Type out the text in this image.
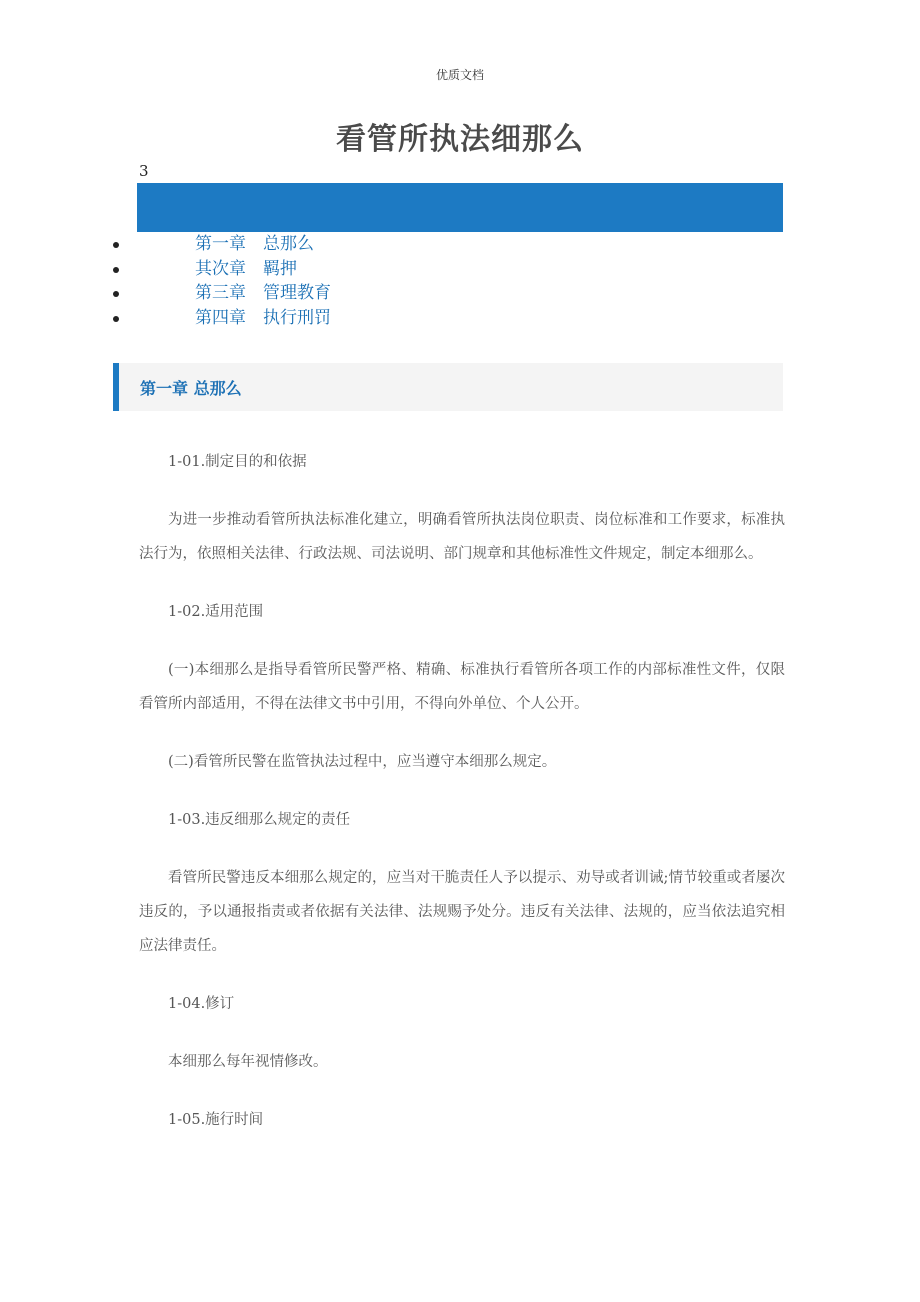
优质文档
看管所执法细那么
3
第一章　总那么
其次章　羁押
第三章　管理教育
第四章　执行刑罚
第一章 总那么

1-01.制定目的和依据

为进一步推动看管所执法标准化建立，明确看管所执法岗位职责、岗位标准和工作要求，标准执法行为，依照相关法律、行政法规、司法说明、部门规章和其他标准性文件规定，制定本细那么。

1-02.适用范围

(一)本细那么是指导看管所民警严格、精确、标准执行看管所各项工作的内部标准性文件，仅限看管所内部适用，不得在法律文书中引用，不得向外单位、个人公开。

(二)看管所民警在监管执法过程中，应当遵守本细那么规定。

1-03.违反细那么规定的责任

看管所民警违反本细那么规定的，应当对干脆责任人予以提示、劝导或者训诫;情节较重或者屡次违反的，予以通报指责或者依据有关法律、法规赐予处分。违反有关法律、法规的，应当依法追究相应法律责任。

1-04.修订

本细那么每年视情修改。

1-05.施行时间
